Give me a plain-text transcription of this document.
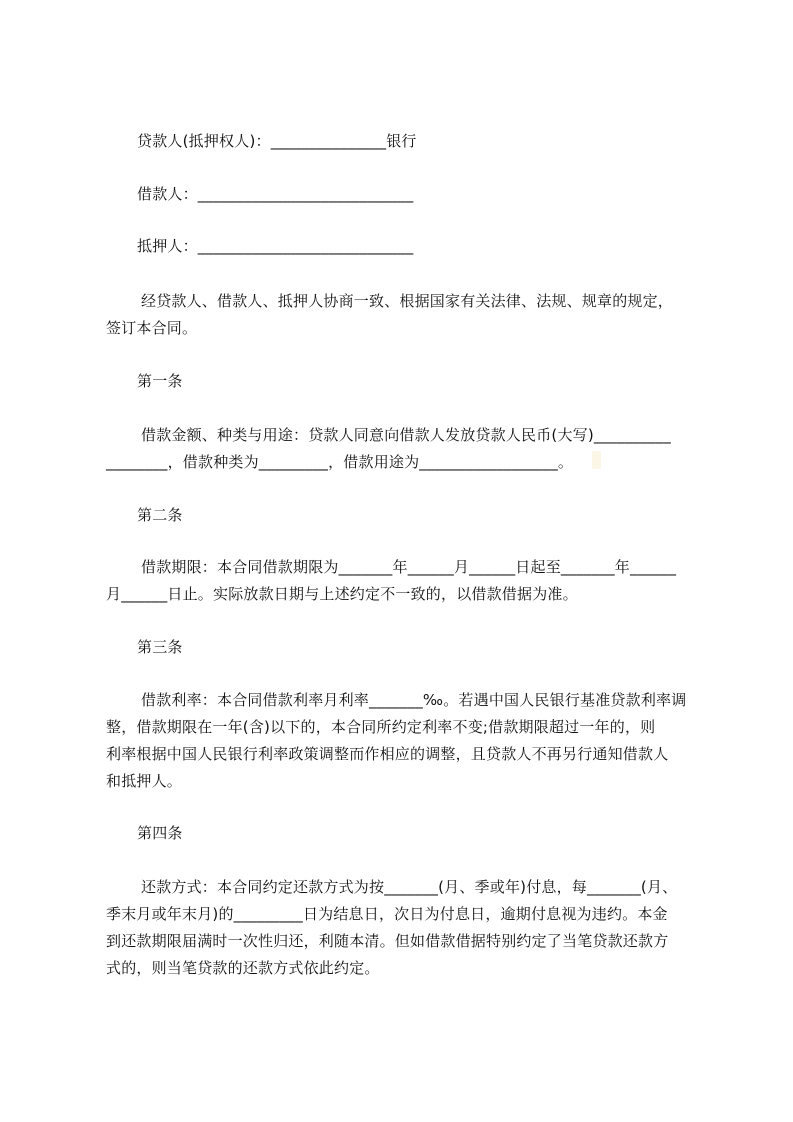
贷款人(抵押权人)：_______________银行
借款人：____________________________
抵押人：____________________________
经贷款人、借款人、抵押人协商一致、根据国家有关法律、法规、规章的规定，
签订本合同。
第一条
借款金额、种类与用途：贷款人同意向借款人发放贷款人民币(大写)__________
________，借款种类为_________，借款用途为__________________。
第二条
借款期限：本合同借款期限为_______年______月______日起至_______年______
月______日止。实际放款日期与上述约定不一致的，以借款借据为准。
第三条
借款利率：本合同借款利率月利率_______‰。若遇中国人民银行基准贷款利率调
整，借款期限在一年(含)以下的，本合同所约定利率不变;借款期限超过一年的，则
利率根据中国人民银行利率政策调整而作相应的调整，且贷款人不再另行通知借款人
和抵押人。
第四条
还款方式：本合同约定还款方式为按_______(月、季或年)付息，每_______(月、
季末月或年末月)的_________日为结息日，次日为付息日，逾期付息视为违约。本金
到还款期限届满时一次性归还，利随本清。但如借款借据特别约定了当笔贷款还款方
式的，则当笔贷款的还款方式依此约定。
